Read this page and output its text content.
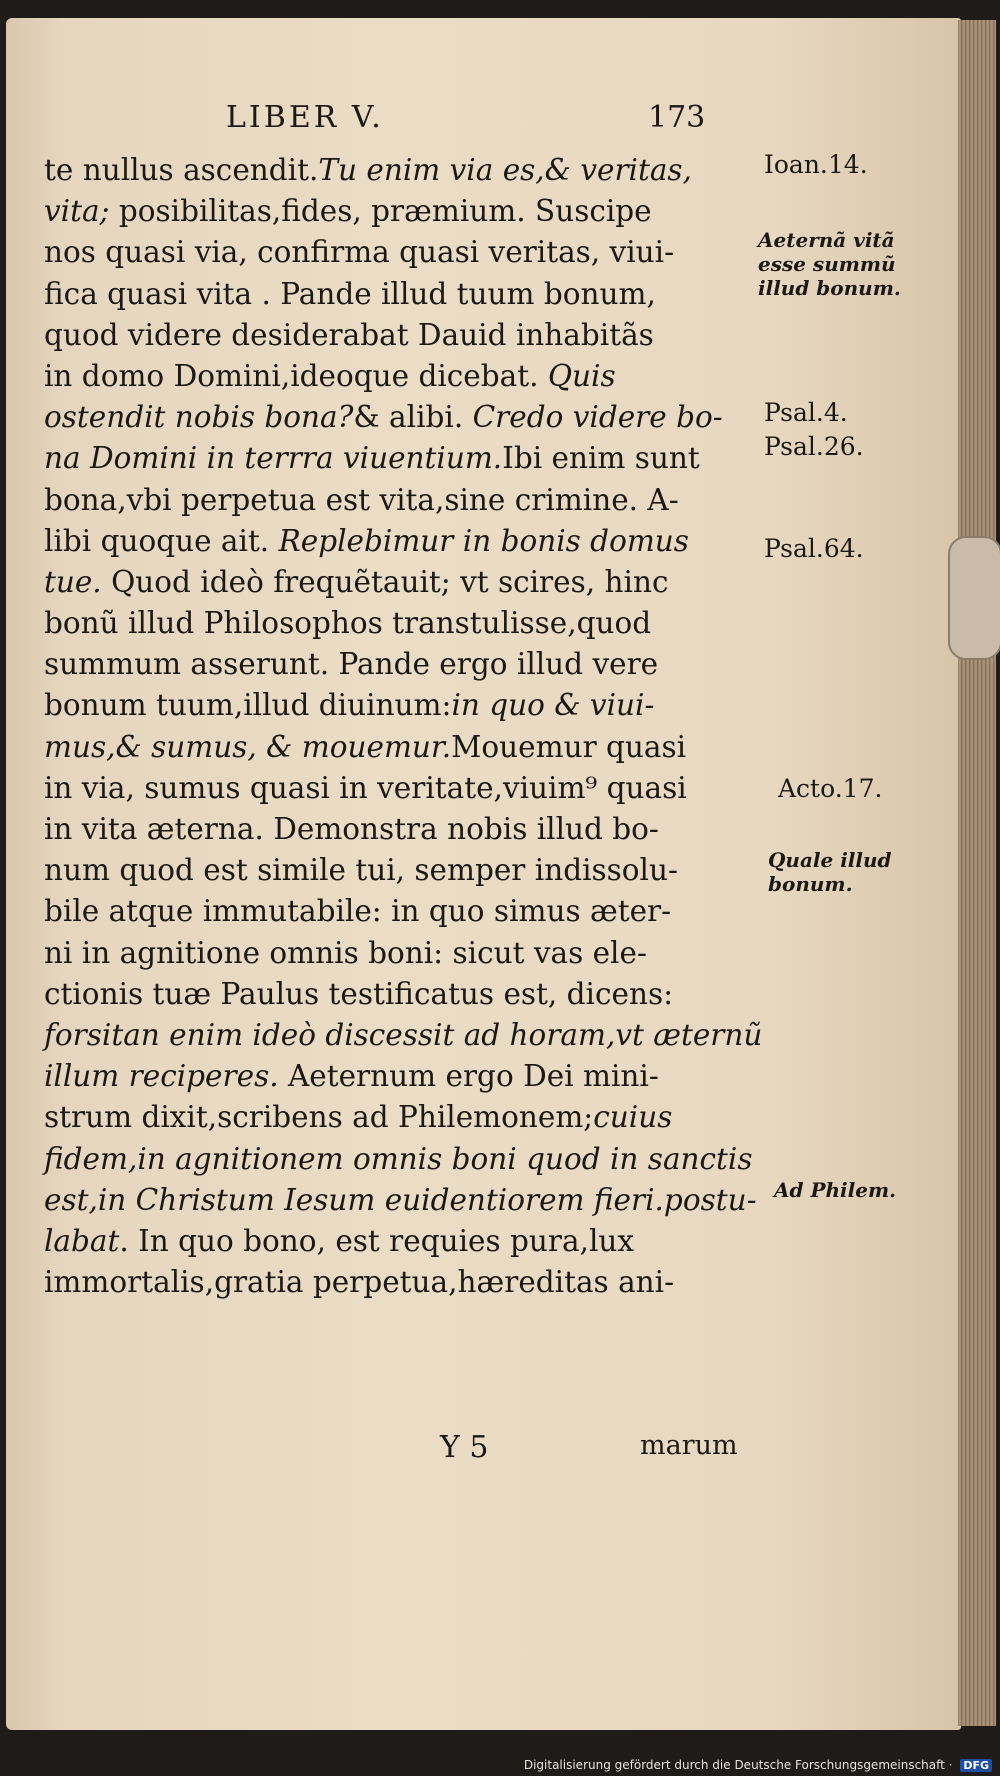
LIBER V.	173
te nullus ascendit.Tu enim via es,& veritas,
vita; posibilitas,fides, præmium. Suscipe
nos quasi via, confirma quasi veritas, viui-
fica quasi vita . Pande illud tuum bonum,
quod videre desiderabat Dauid inhabitãs
in domo Domini,ideoque dicebat. Quis
ostendit nobis bona?& alibi. Credo videre bo-
na Domini in terrra viuentium.Ibi enim sunt
bona,vbi perpetua est vita,sine crimine. A-
libi quoque ait. Replebimur in bonis domus
tue. Quod ideò frequẽtauit; vt scires, hinc
bonũ illud Philosophos transtulisse,quod
summum asserunt. Pande ergo illud vere
bonum tuum,illud diuinum:in quo & viui-
mus,& sumus, & mouemur.Mouemur quasi
in via, sumus quasi in veritate,viuim⁹ quasi
in vita æterna. Demonstra nobis illud bo-
num quod est simile tui, semper indissolu-
bile atque immutabile: in quo simus æter-
ni in agnitione omnis boni: sicut vas ele-
ctionis tuæ Paulus testificatus est, dicens:
forsitan enim ideò discessit ad horam,vt æternũ
illum reciperes. Aeternum ergo Dei mini-
strum dixit,scribens ad Philemonem;cuius
fidem,in agnitionem omnis boni quod in sanctis
est,in Christum Iesum euidentiorem fieri.postu-
labat. In quo bono, est requies pura,lux
immortalis,gratia perpetua,hæreditas ani-
Ioan.14.
Aeternã vitã
esse summũ
illud bonum.
Psal.4.
Psal.26.
Psal.64.
Acto.17.
Quale illud
bonum.
Ad Philem.
Y 5	marum
Digitalisierung gefördert durch die Deutsche Forschungsgemeinschaft · DFG
